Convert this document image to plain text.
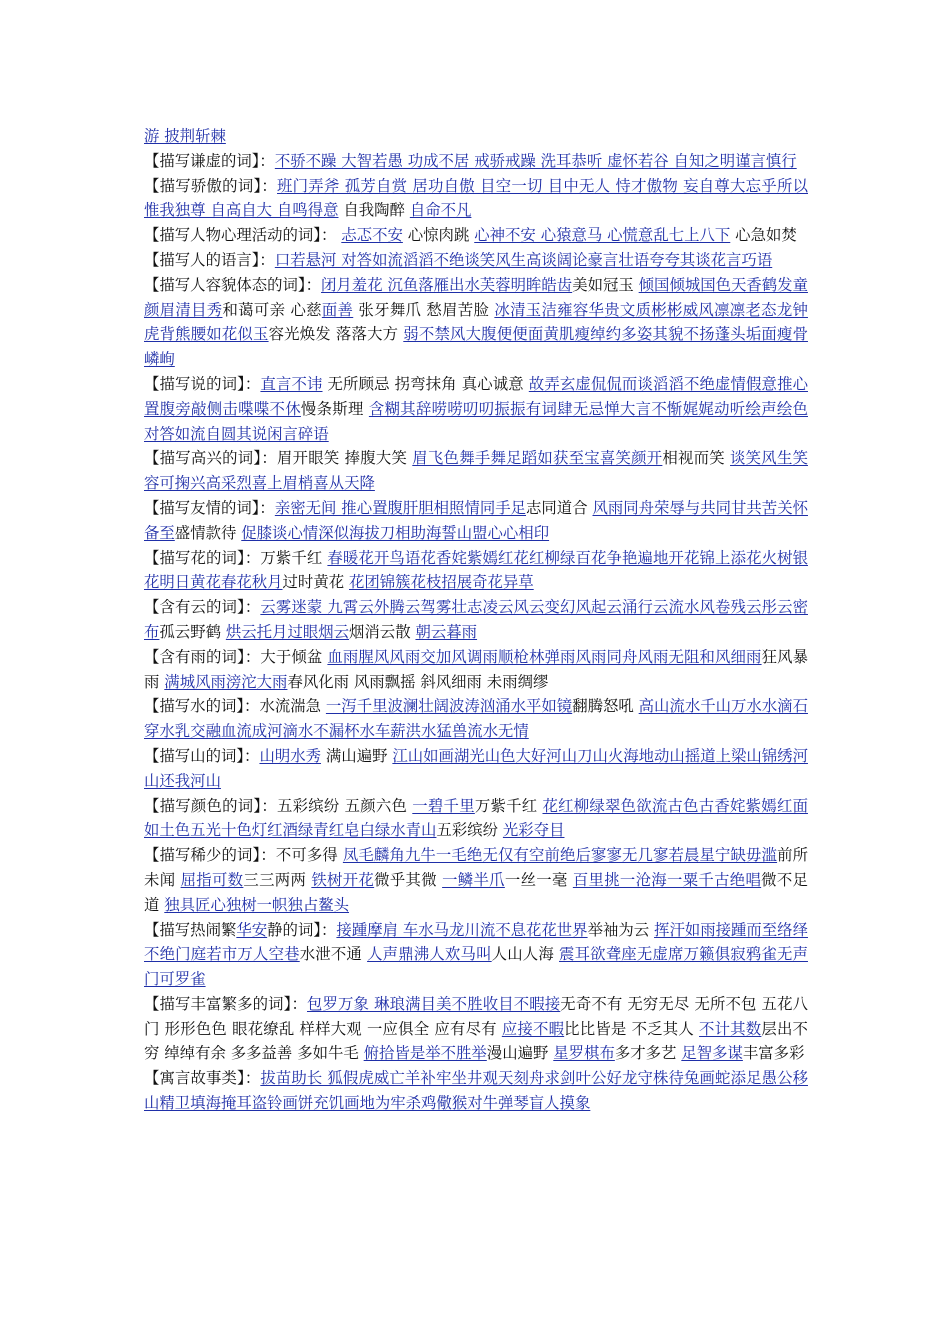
游 披荆斩棘

【描写谦虚的词】：不骄不躁 大智若愚 功成不居 戒骄戒躁 洗耳恭听 虚怀若谷 自知之明谨言慎行

【描写骄傲的词】：班门弄斧 孤芳自赏 居功自傲 目空一切 目中无人 恃才傲物 妄自尊大忘乎所以 惟我独尊 自高自大 自鸣得意 自我陶醉 自命不凡

【描写人物心理活动的词】： 忐忑不安 心惊肉跳 心神不安 心猿意马 心慌意乱七上八下 心急如焚

【描写人的语言】：口若悬河 对答如流滔滔不绝谈笑风生高谈阔论豪言壮语夸夸其谈花言巧语

【描写人容貌体态的词】：闭月羞花 沉鱼落雁出水芙蓉明眸皓齿美如冠玉 倾国倾城国色天香鹤发童颜眉清目秀和蔼可亲 心慈面善 张牙舞爪 愁眉苦脸 冰清玉洁雍容华贵文质彬彬威风凛凛老态龙钟虎背熊腰如花似玉容光焕发 落落大方 弱不禁风大腹便便面黄肌瘦绰约多姿其貌不扬蓬头垢面瘦骨嶙峋

【描写说的词】：直言不讳 无所顾忌 拐弯抹角 真心诚意 故弄玄虚侃侃而谈滔滔不绝虚情假意推心置腹旁敲侧击喋喋不休慢条斯理 含糊其辞唠唠叨叨振振有词肆无忌惮大言不惭娓娓动听绘声绘色对答如流自圆其说闲言碎语

【描写高兴的词】：眉开眼笑 捧腹大笑 眉飞色舞手舞足蹈如获至宝喜笑颜开相视而笑 谈笑风生笑容可掬兴高采烈喜上眉梢喜从天降

【描写友情的词】：亲密无间 推心置腹肝胆相照情同手足志同道合 风雨同舟荣辱与共同甘共苦关怀备至盛情款待 促膝谈心情深似海拔刀相助海誓山盟心心相印

【描写花的词】：万紫千红 春暖花开鸟语花香姹紫嫣红花红柳绿百花争艳遍地开花锦上添花火树银花明日黄花春花秋月过时黄花 花团锦簇花枝招展奇花异草

【含有云的词】：云雾迷蒙 九霄云外腾云驾雾壮志凌云风云变幻风起云涌行云流水风卷残云彤云密布孤云野鹤 烘云托月过眼烟云烟消云散 朝云暮雨

【含有雨的词】：大于倾盆 血雨腥风风雨交加风调雨顺枪林弹雨风雨同舟风雨无阻和风细雨狂风暴雨 满城风雨滂沱大雨春风化雨 风雨飘摇 斜风细雨 未雨绸缪

【描写水的词】：水流湍急 一泻千里波澜壮阔波涛汹涌水平如镜翻腾怒吼 高山流水千山万水水滴石穿水乳交融血流成河滴水不漏杯水车薪洪水猛兽流水无情

【描写山的词】：山明水秀 满山遍野 江山如画湖光山色大好河山刀山火海地动山摇道上梁山锦绣河山还我河山

【描写颜色的词】：五彩缤纷 五颜六色 一碧千里万紫千红 花红柳绿翠色欲流古色古香姹紫嫣红面如土色五光十色灯红酒绿青红皂白绿水青山五彩缤纷 光彩夺目

【描写稀少的词】：不可多得 凤毛麟角九牛一毛绝无仅有空前绝后寥寥无几寥若晨星宁缺毋滥前所未闻 屈指可数三三两两 铁树开花微乎其微 一鳞半爪一丝一毫 百里挑一沧海一粟千古绝唱微不足道 独具匠心独树一帜独占鳌头

【描写热闹繁华安静的词】：接踵摩肩 车水马龙川流不息花花世界举袖为云 挥汗如雨接踵而至络绎不绝门庭若市万人空巷水泄不通 人声鼎沸人欢马叫人山人海 震耳欲聋座无虚席万籁俱寂鸦雀无声门可罗雀

【描写丰富繁多的词】：包罗万象 琳琅满目美不胜收目不暇接无奇不有 无穷无尽 无所不包 五花八门 形形色色 眼花缭乱 样样大观 一应俱全 应有尽有 应接不暇比比皆是 不乏其人 不计其数层出不穷 绰绰有余 多多益善 多如牛毛 俯拾皆是举不胜举漫山遍野 星罗棋布多才多艺 足智多谋丰富多彩

【寓言故事类】：拔苗助长 狐假虎威亡羊补牢坐井观天刻舟求剑叶公好龙守株待兔画蛇添足愚公移山精卫填海掩耳盗铃画饼充饥画地为牢杀鸡儆猴对牛弹琴盲人摸象
